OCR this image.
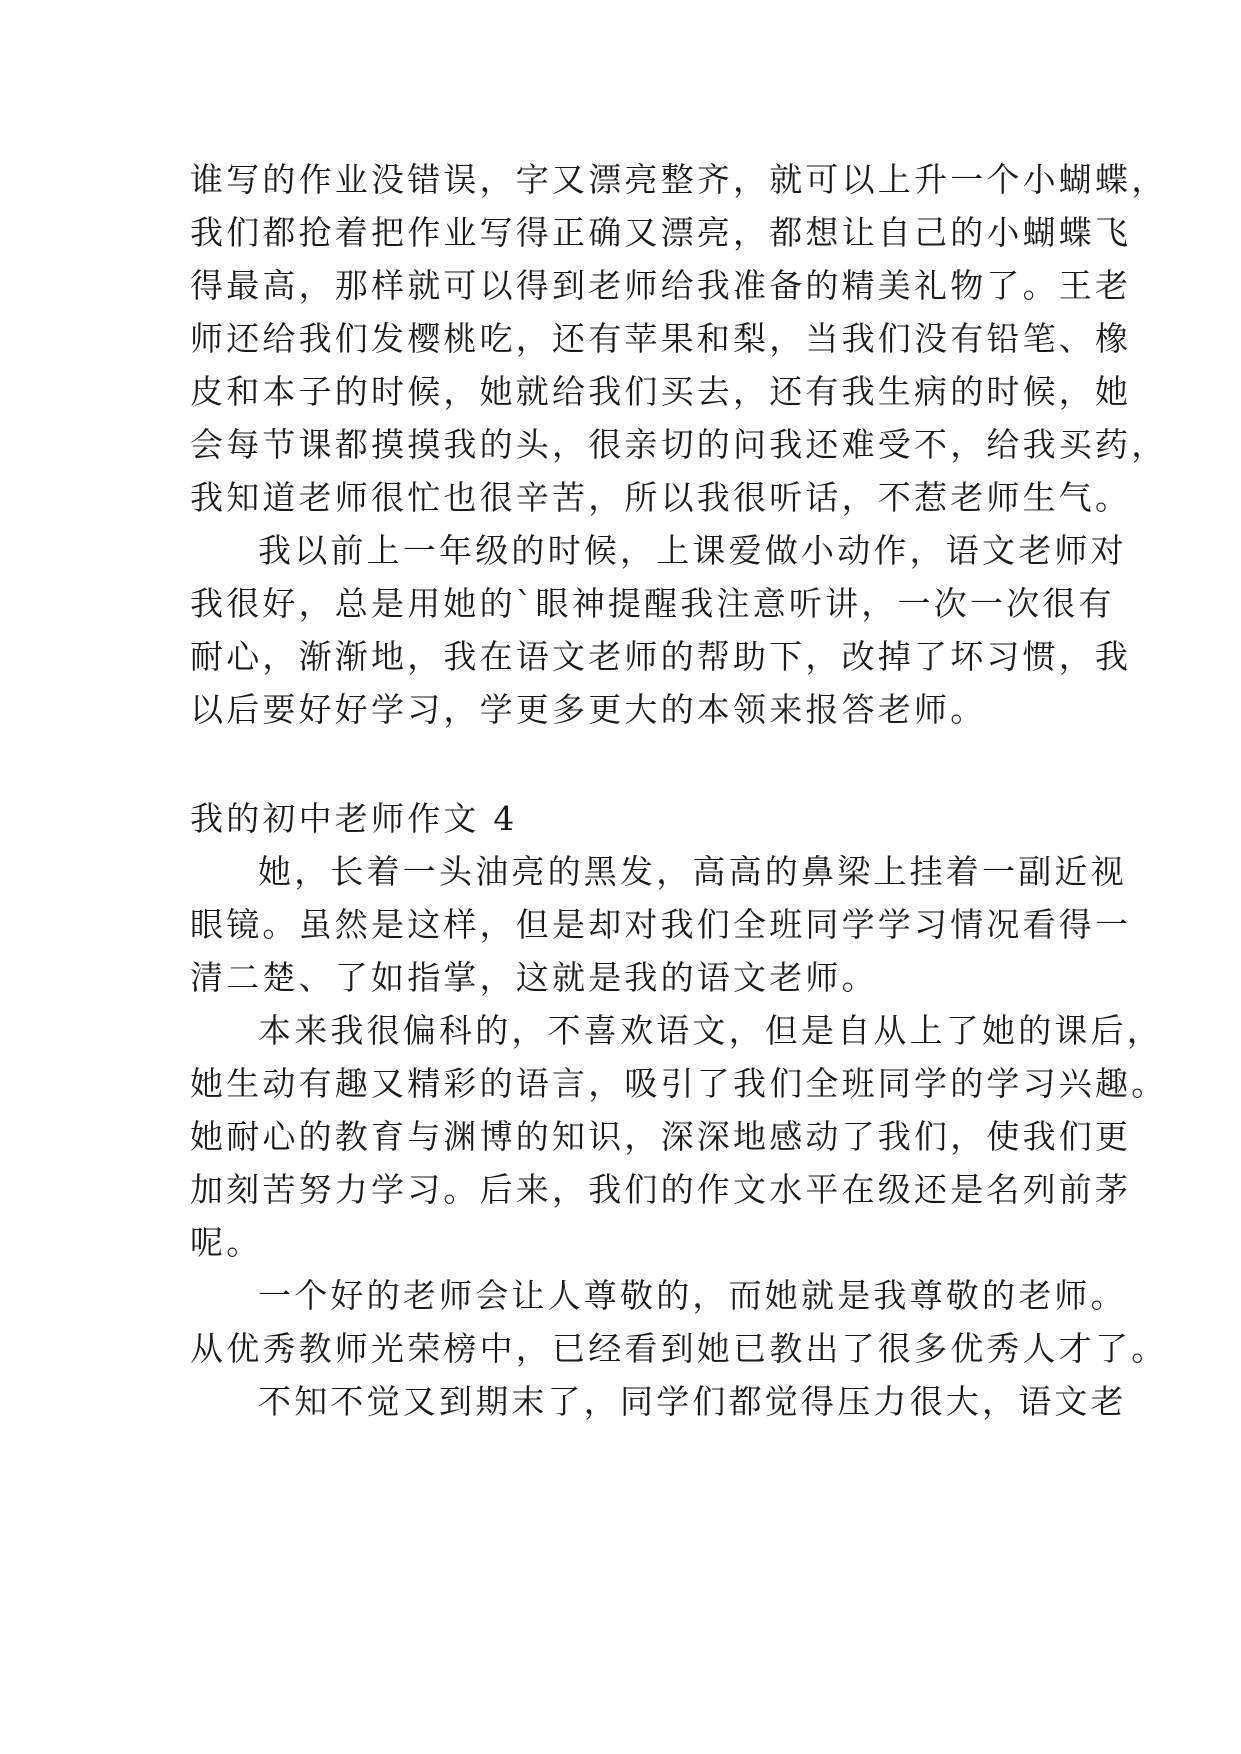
谁写的作业没错误，字又漂亮整齐，就可以上升一个小蝴蝶，
我们都抢着把作业写得正确又漂亮，都想让自己的小蝴蝶飞
得最高，那样就可以得到老师给我准备的精美礼物了。王老
师还给我们发樱桃吃，还有苹果和梨，当我们没有铅笔、橡
皮和本子的时候，她就给我们买去，还有我生病的时候，她
会每节课都摸摸我的头，很亲切的问我还难受不，给我买药，
我知道老师很忙也很辛苦，所以我很听话，不惹老师生气。
我以前上一年级的时候，上课爱做小动作，语文老师对
我很好，总是用她的`眼神提醒我注意听讲，一次一次很有
耐心，渐渐地，我在语文老师的帮助下，改掉了坏习惯，我
以后要好好学习，学更多更大的本领来报答老师。
我的初中老师作文 4
她，长着一头油亮的黑发，高高的鼻梁上挂着一副近视
眼镜。虽然是这样，但是却对我们全班同学学习情况看得一
清二楚、了如指掌，这就是我的语文老师。
本来我很偏科的，不喜欢语文，但是自从上了她的课后，
她生动有趣又精彩的语言，吸引了我们全班同学的学习兴趣。
她耐心的教育与渊博的知识，深深地感动了我们，使我们更
加刻苦努力学习。后来，我们的作文水平在级还是名列前茅
呢。
一个好的老师会让人尊敬的，而她就是我尊敬的老师。
从优秀教师光荣榜中，已经看到她已教出了很多优秀人才了。
不知不觉又到期末了，同学们都觉得压力很大，语文老
